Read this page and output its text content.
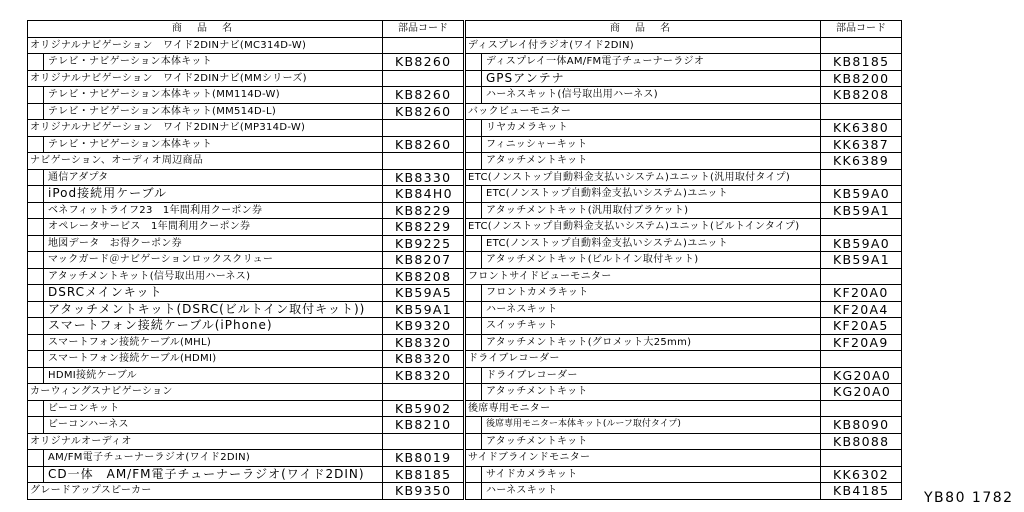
商 品 名	部品コード
オリジナルナビゲーション　ワイド2DINナビ(MC314D-W)
テレビ・ナビゲーション本体キット	KB8260
オリジナルナビゲーション　ワイド2DINナビ(MMシリーズ)
テレビ・ナビゲーション本体キット(MM114D-W)	KB8260
テレビ・ナビゲーション本体キット(MM514D-L)	KB8260
オリジナルナビゲーション　ワイド2DINナビ(MP314D-W)
テレビ・ナビゲーション本体キット	KB8260
ナビゲーション、オーディオ周辺商品
通信アダプタ	KB8330
iPod接続用ケーブル	KB84H0
ベネフィットライフ23　1年間利用クーポン券	KB8229
オペレータサービス　1年間利用クーポン券	KB8229
地図データ　お得クーポン券	KB9225
マックガード＠ナビゲーションロックスクリュー	KB8207
アタッチメントキット(信号取出用ハーネス)	KB8208
DSRCメインキット	KB59A5
アタッチメントキット(DSRC(ビルトイン取付キット))	KB59A1
スマートフォン接続ケーブル(iPhone)	KB9320
スマートフォン接続ケーブル(MHL)	KB8320
スマートフォン接続ケーブル(HDMI)	KB8320
HDMI接続ケーブル	KB8320
カーウィングスナビゲーション
ビーコンキット	KB5902
ビーコンハーネス	KB8210
オリジナルオーディオ
AM/FM電子チューナーラジオ(ワイド2DIN)	KB8019
CD一体　AM/FM電子チューナーラジオ(ワイド2DIN)	KB8185
グレードアップスピーカー	KB9350
商 品 名	部品コード
ディスプレイ付ラジオ(ワイド2DIN)
ディスプレイ一体AM/FM電子チューナーラジオ	KB8185
GPSアンテナ	KB8200
ハーネスキット(信号取出用ハーネス)	KB8208
バックビューモニター
リヤカメラキット	KK6380
フィニッシャーキット	KK6387
アタッチメントキット	KK6389
ETC(ノンストップ自動料金支払いシステム)ユニット(汎用取付タイプ)
ETC(ノンストップ自動料金支払いシステム)ユニット	KB59A0
アタッチメントキット(汎用取付ブラケット)	KB59A1
ETC(ノンストップ自動料金支払いシステム)ユニット(ビルトインタイプ)
ETC(ノンストップ自動料金支払いシステム)ユニット	KB59A0
アタッチメントキット(ビルトイン取付キット)	KB59A1
フロントサイドビューモニター
フロントカメラキット	KF20A0
ハーネスキット	KF20A4
スイッチキット	KF20A5
アタッチメントキット(グロメット大25mm)	KF20A9
ドライブレコーダー
ドライブレコーダー	KG20A0
アタッチメントキット	KG20A0
後席専用モニター
後席専用モニター本体キット(ルーフ取付タイプ)	KB8090
アタッチメントキット	KB8088
サイドブラインドモニター
サイドカメラキット	KK6302
ハーネスキット	KB4185	YB80 1782
